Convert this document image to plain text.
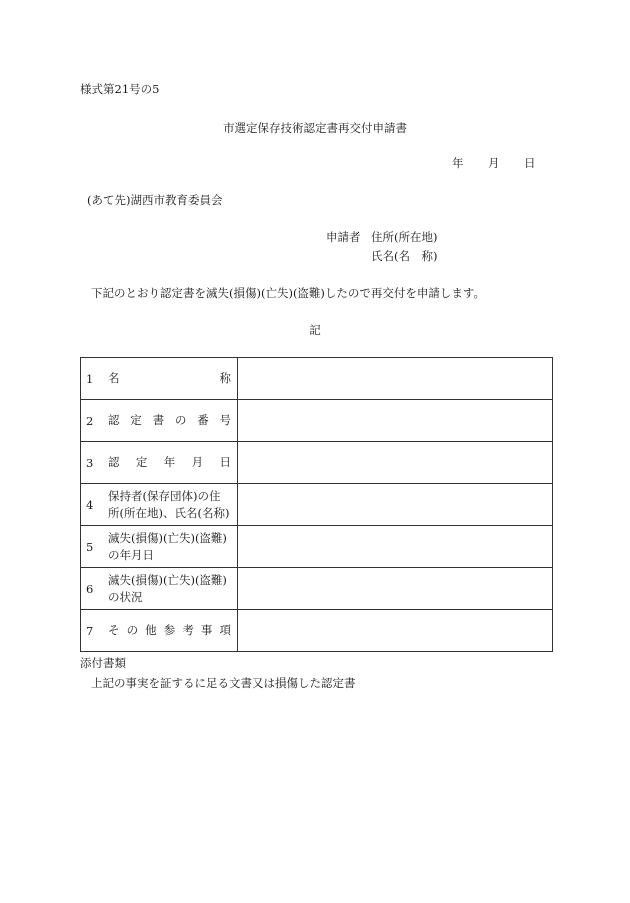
様式第21号の5
市選定保存技術認定書再交付申請書
年 月 日
(あて先)湖西市教育委員会
申請者 住所(所在地)
氏名(名　称)
下記のとおり認定書を滅失(損傷)(亡失)(盗難)したので再交付を申請します。
記
1 名　　　　　　　称	

2 認定書の番号	

3 認定年月日	

4
保持者(保存団体)の住所(所在地)、氏名(名称)	

5
滅失(損傷)(亡失)(盗難)の年月日	

6
滅失(損傷)(亡失)(盗難)の状況	

7 その他参考事項	

添付書類
上記の事実を証するに足る文書又は損傷した認定書
